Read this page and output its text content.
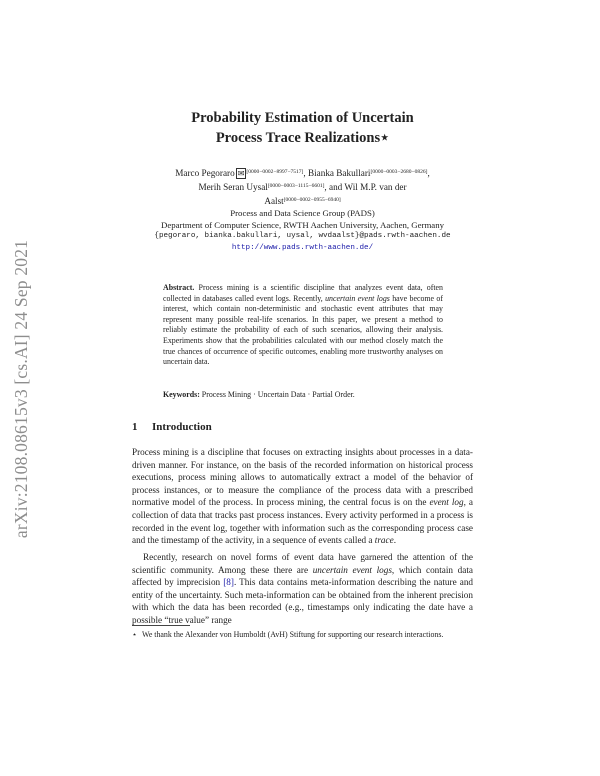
arXiv:2108.08615v3 [cs.AI] 24 Sep 2021
Probability Estimation of Uncertain
Process Trace Realizations⋆
Marco Pegoraro ✉ [0000−0002−8997−7517], Bianka Bakullari[0000−0003−2680−0826],
Merih Seran Uysal[0000−0003−1115−6601], and Wil M.P. van der
Aalst[0000−0002−0955−6940]
Process and Data Science Group (PADS)
Department of Computer Science, RWTH Aachen University, Aachen, Germany
{pegoraro, bianka.bakullari, uysal, wvdaalst}@pads.rwth-aachen.de
http://www.pads.rwth-aachen.de/
Abstract. Process mining is a scientific discipline that analyzes event data, often collected in databases called event logs. Recently, uncertain event logs have become of interest, which contain non-deterministic and stochastic event attributes that may represent many possible real-life scenarios. In this paper, we present a method to reliably estimate the probability of each of such scenarios, allowing their analysis. Experiments show that the probabilities calculated with our method closely match the true chances of occurrence of specific outcomes, enabling more trustworthy analyses on uncertain data.
Keywords: Process Mining · Uncertain Data · Partial Order.
1 Introduction

Process mining is a discipline that focuses on extracting insights about processes in a data-driven manner. For instance, on the basis of the recorded information on historical process executions, process mining allows to automatically extract a model of the behavior of process instances, or to measure the compliance of the process data with a prescribed normative model of the process. In process mining, the central focus is on the event log, a collection of data that tracks past process instances. Every activity performed in a process is recorded in the event log, together with information such as the corresponding process case and the timestamp of the activity, in a sequence of events called a trace.

Recently, research on novel forms of event data have garnered the attention of the scientific community. Among these there are uncertain event logs, which contain data affected by imprecision [8]. This data contains meta-information describing the nature and entity of the uncertainty. Such meta-information can be obtained from the inherent precision with which the data has been recorded (e.g., timestamps only indicating the date have a possible “true value” range

⋆ We thank the Alexander von Humboldt (AvH) Stiftung for supporting our research interactions.
